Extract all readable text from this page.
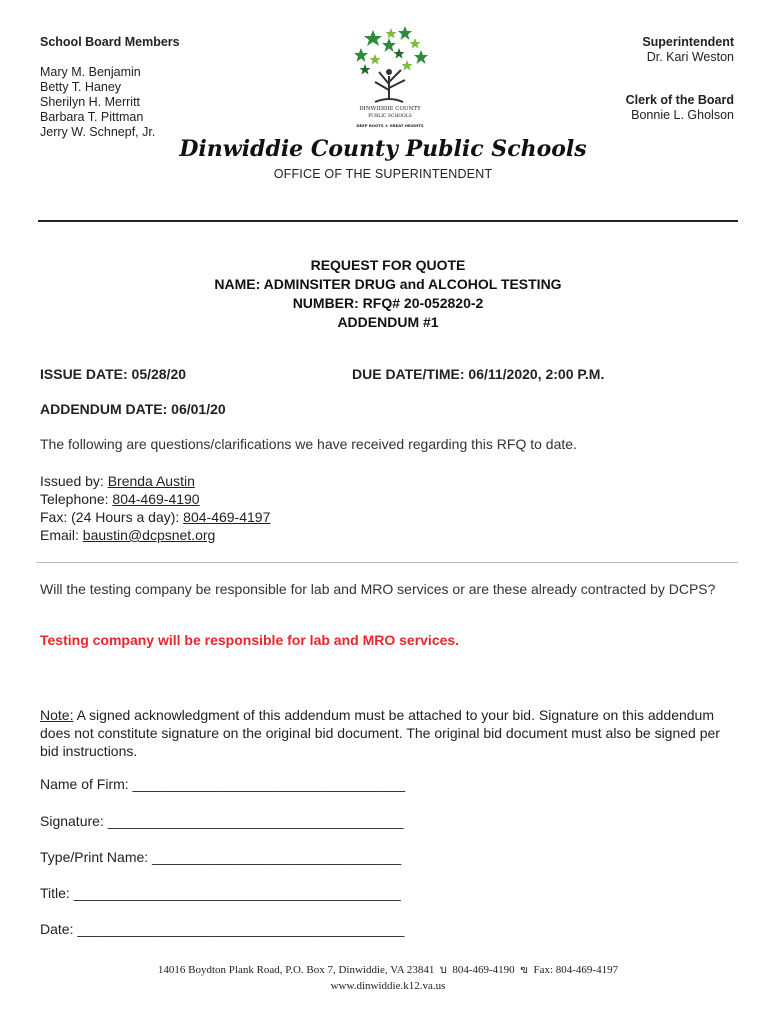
School Board Members
Mary M. Benjamin
Betty T. Haney
Sherilyn H. Merritt
Barbara T. Pittman
Jerry W. Schnepf, Jr.
Superintendent
Dr. Kari Weston
Clerk of the Board
Bonnie L. Gholson
DINWIDDIE COUNTY
PUBLIC SCHOOLS
DEEP ROOTS ★ GREAT HEIGHTS
Dinwiddie County Public Schools
OFFICE OF THE SUPERINTENDENT
REQUEST FOR QUOTE
NAME: ADMINSITER DRUG and ALCOHOL TESTING
NUMBER: RFQ# 20-052820-2
ADDENDUM #1
ISSUE DATE: 05/28/20	DUE DATE/TIME: 06/11/2020, 2:00 P.M.
ADDENDUM DATE: 06/01/20
The following are questions/clarifications we have received regarding this RFQ to date.
Issued by: Brenda Austin
Telephone: 804-469-4190
Fax: (24 Hours a day): 804-469-4197
Email: baustin@dcpsnet.org
Will the testing company be responsible for lab and MRO services or are these already contracted by DCPS?
Testing company will be responsible for lab and MRO services.
Note: A signed acknowledgment of this addendum must be attached to your bid. Signature on this addendum does not constitute signature on the original bid document. The original bid document must also be signed per bid instructions.
Name of Firm: ___________________________________
Signature: ______________________________________
Type/Print Name: ________________________________
Title: __________________________________________
Date: __________________________________________
14016 Boydton Plank Road, P.O. Box 7, Dinwiddie, VA 23841 บ 804-469-4190 ฃ Fax: 804-469-4197
www.dinwiddie.k12.va.us
